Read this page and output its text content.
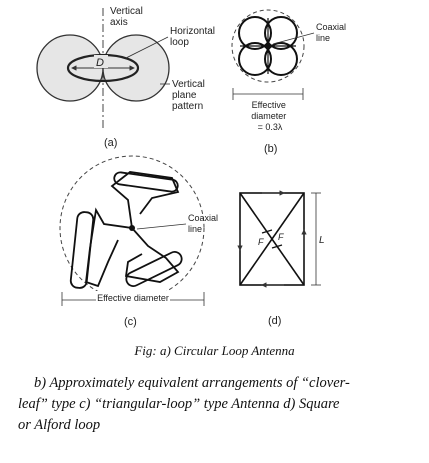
D
Vertical axis
Horizontal loop
Vertical plane pattern
(a)
Coaxial line
Effective diameter = 0.3λ
(b)
Coaxial line
Effective diameter
(c)
F F	L
(d)
Fig: a) Circular Loop Antenna
b) Approximately equivalent arrangements of “clover-
leaf” type c) “triangular-loop” type Antenna d) Square
or Alford loop
